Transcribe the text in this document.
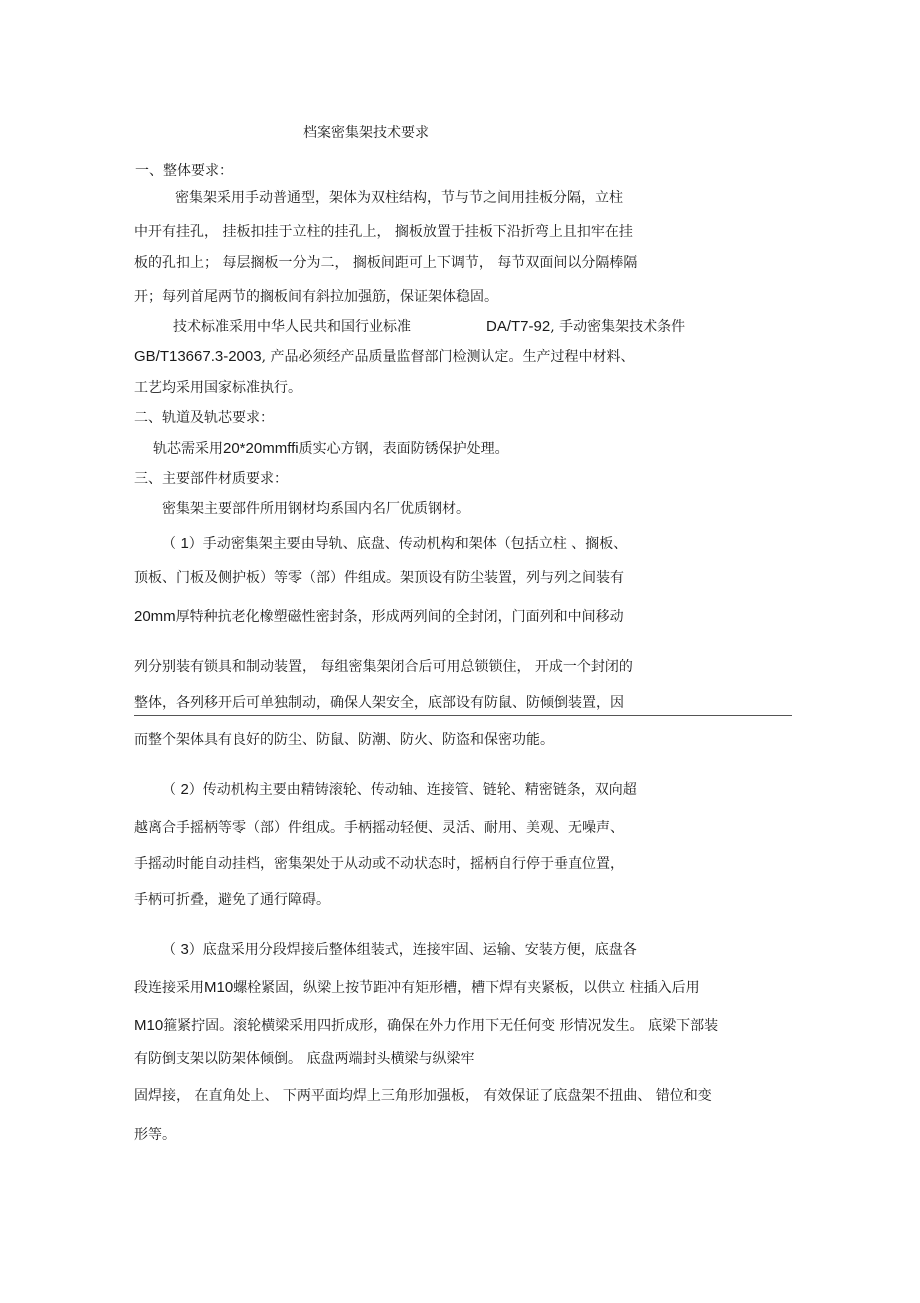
档案密集架技术要求
一、整体要求：
密集架采用手动普通型，架体为双柱结构，节与节之间用挂板分隔，立柱
中开有挂孔， 挂板扣挂于立柱的挂孔上， 搁板放置于挂板下沿折弯上且扣牢在挂
板的孔扣上； 每层搁板一分为二， 搁板间距可上下调节， 每节双面间以分隔棒隔
开；每列首尾两节的搁板间有斜拉加强筋，保证架体稳固。
技术标准采用中华人民共和国行业标准	DA/T7-92, 手动密集架技术条件
GB/T13667.3-2003, 产品必须经产品质量监督部门检测认定。生产过程中材料、
工艺均采用国家标准执行。
二、轨道及轨芯要求：
轨芯需采用20*20mmffi质实心方钢，表面防锈保护处理。
三、主要部件材质要求：
密集架主要部件所用钢材均系国内名厂优质钢材。
（ 1）手动密集架主要由导轨、底盘、传动机构和架体（包括立柱 、搁板、
顶板、门板及侧护板）等零（部）件组成。架顶设有防尘装置，列与列之间装有
20mm厚特种抗老化橡塑磁性密封条，形成两列间的全封闭，门面列和中间移动
列分别装有锁具和制动装置， 每组密集架闭合后可用总锁锁住， 开成一个封闭的
整体，各列移开后可单独制动，确保人架安全，底部设有防鼠、防倾倒装置，因
而整个架体具有良好的防尘、防鼠、防潮、防火、防盗和保密功能。
（ 2）传动机构主要由精铸滚轮、传动轴、连接管、链轮、精密链条，双向超
越离合手摇柄等零（部）件组成。手柄摇动轻便、灵活、耐用、美观、无噪声、
手摇动时能自动挂档，密集架处于从动或不动状态时，摇柄自行停于垂直位置，
手柄可折叠，避免了通行障碍。
（ 3）底盘采用分段焊接后整体组装式，连接牢固、运输、安装方便，底盘各
段连接采用M10螺栓紧固，纵梁上按节距冲有矩形槽，槽下焊有夹紧板，以供立 柱插入后用
M10箍紧拧固。滚轮横梁采用四折成形，确保在外力作用下无任何变 形情况发生。 底梁下部装
有防倒支架以防架体倾倒。 底盘两端封头横梁与纵梁牢
固焊接， 在直角处上、 下两平面均焊上三角形加强板， 有效保证了底盘架不扭曲、 错位和变
形等。
